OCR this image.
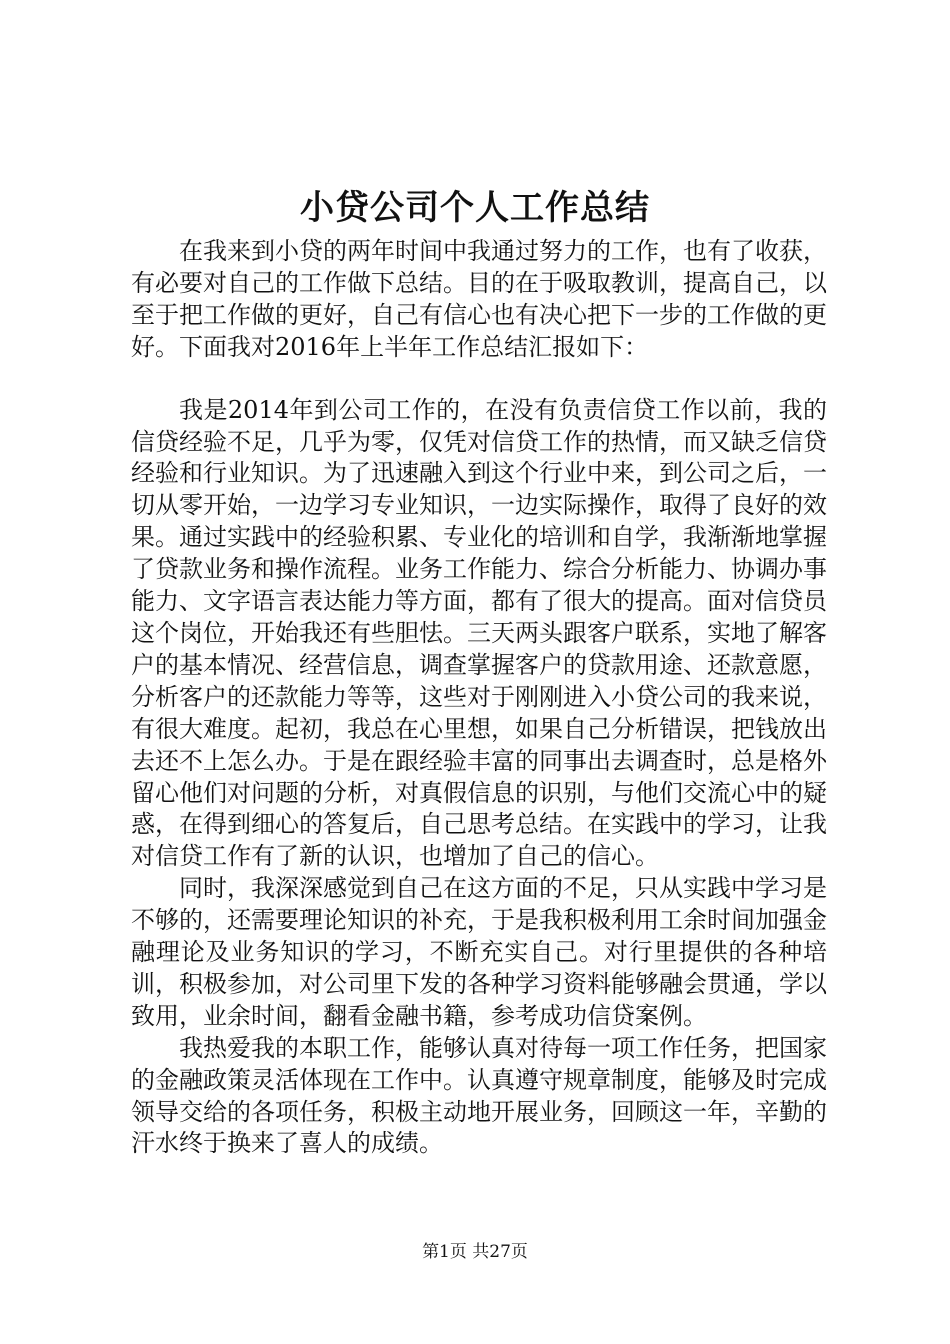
小贷公司个人工作总结

在我来到小贷的两年时间中我通过努力的工作，也有了收获，有必要对自己的工作做下总结。目的在于吸取教训，提高自己，以至于把工作做的更好，自己有信心也有决心把下一步的工作做的更好。下面我对2016年上半年工作总结汇报如下：

我是2014年到公司工作的，在没有负责信贷工作以前，我的信贷经验不足，几乎为零，仅凭对信贷工作的热情，而又缺乏信贷经验和行业知识。为了迅速融入到这个行业中来，到公司之后，一切从零开始，一边学习专业知识，一边实际操作，取得了良好的效果。通过实践中的经验积累、专业化的培训和自学，我渐渐地掌握了贷款业务和操作流程。业务工作能力、综合分析能力、协调办事能力、文字语言表达能力等方面，都有了很大的提高。面对信贷员这个岗位，开始我还有些胆怯。三天两头跟客户联系，实地了解客户的基本情况、经营信息，调查掌握客户的贷款用途、还款意愿，分析客户的还款能力等等，这些对于刚刚进入小贷公司的我来说，有很大难度。起初，我总在心里想，如果自己分析错误，把钱放出去还不上怎么办。于是在跟经验丰富的同事出去调查时，总是格外留心他们对问题的分析，对真假信息的识别，与他们交流心中的疑惑，在得到细心的答复后，自己思考总结。在实践中的学习，让我对信贷工作有了新的认识，也增加了自己的信心。

同时，我深深感觉到自己在这方面的不足，只从实践中学习是不够的，还需要理论知识的补充，于是我积极利用工余时间加强金融理论及业务知识的学习，不断充实自己。对行里提供的各种培训，积极参加，对公司里下发的各种学习资料能够融会贯通，学以致用，业余时间，翻看金融书籍，参考成功信贷案例。

我热爱我的本职工作，能够认真对待每一项工作任务，把国家的金融政策灵活体现在工作中。认真遵守规章制度，能够及时完成领导交给的各项任务，积极主动地开展业务，回顾这一年，辛勤的汗水终于换来了喜人的成绩。

第1页 共27页
